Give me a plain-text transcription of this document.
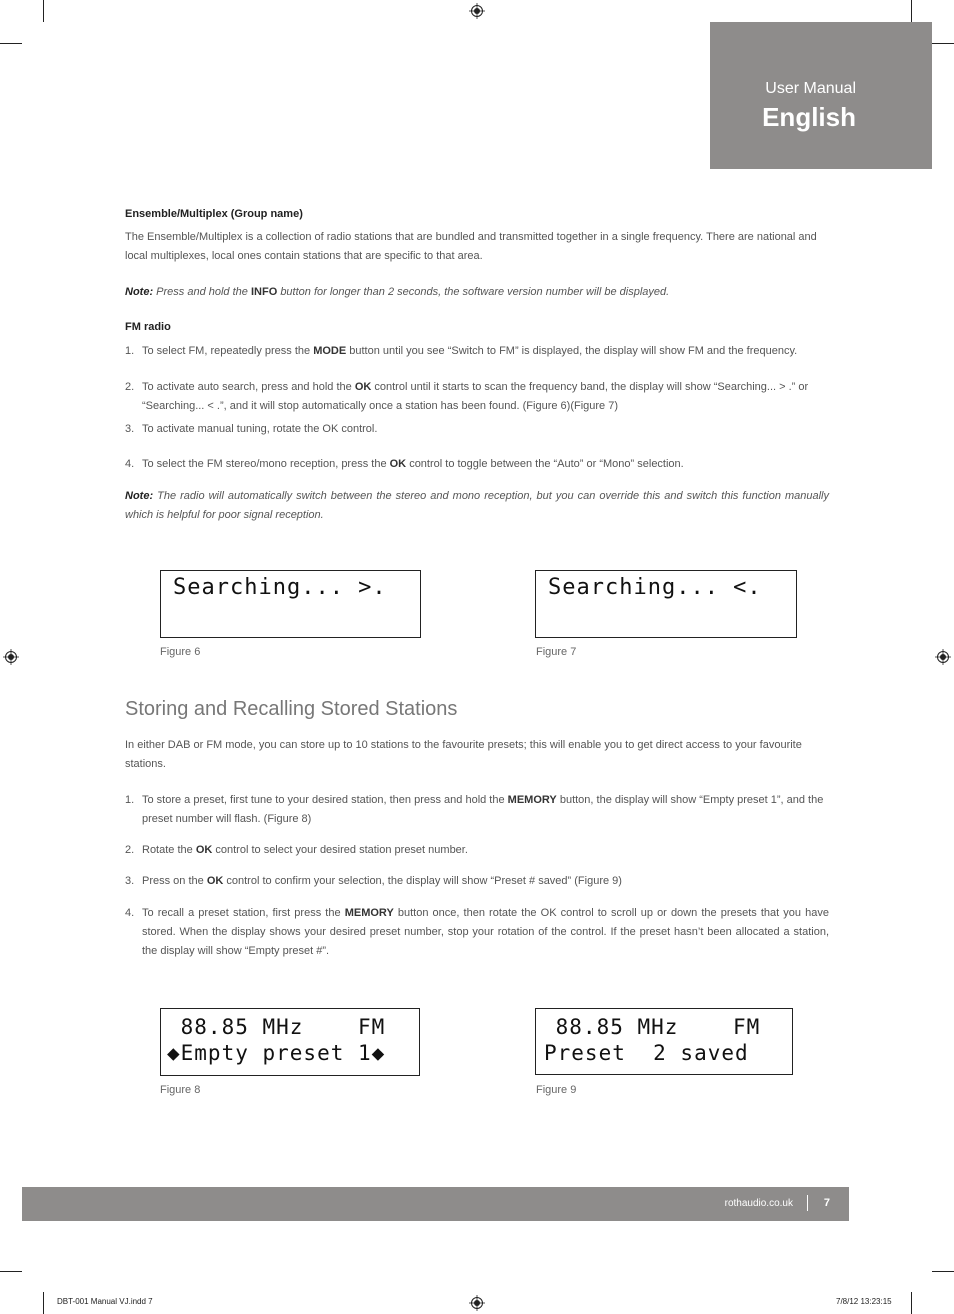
User Manual
English

Ensemble/Multiplex (Group name)

The Ensemble/Multiplex is a collection of radio stations that are bundled and transmitted together in a single frequency. There are national and local multiplexes, local ones contain stations that are specific to that area.

Note: Press and hold the INFO button for longer than 2 seconds, the software version number will be displayed.

FM radio

1. To select FM, repeatedly press the MODE button until you see “Switch to FM” is displayed, the display will show FM and the frequency.
2. To activate auto search, press and hold the OK control until it starts to scan the frequency band, the display will show “Searching... > .” or “Searching... < .”, and it will stop automatically once a station has been found. (Figure 6)(Figure 7)
3. To activate manual tuning, rotate the OK control.
4. To select the FM stereo/mono reception, press the OK control to toggle between the “Auto” or “Mono” selection.

Note: The radio will automatically switch between the stereo and mono reception, but you can override this and switch this function manually which is helpful for poor signal reception.

Searching... >.
Figure 6
Searching... <.
Figure 7
Storing and Recalling Stored Stations

In either DAB or FM mode, you can store up to 10 stations to the favourite presets; this will enable you to get direct access to your favourite stations.

1. To store a preset, first tune to your desired station, then press and hold the MEMORY button, the display will show “Empty preset 1”, and the preset number will flash. (Figure 8)
2. Rotate the OK control to select your desired station preset number.
3. Press on the OK control to confirm your selection, the display will show “Preset # saved” (Figure 9)
4. To recall a preset station, first press the MEMORY button once, then rotate the OK control to scroll up or down the presets that you have stored. When the display shows your desired preset number, stop your rotation of the control. If the preset hasn’t been allocated a station, the display will show “Empty preset #”.
88.85 MHz    FM
◆Empty preset 1◆
Figure 8
88.85 MHz    FM
Preset  2 saved
Figure 9
rothaudio.co.uk	7
DBT-001 Manual VJ.indd 7	7/8/12 13:23:15
